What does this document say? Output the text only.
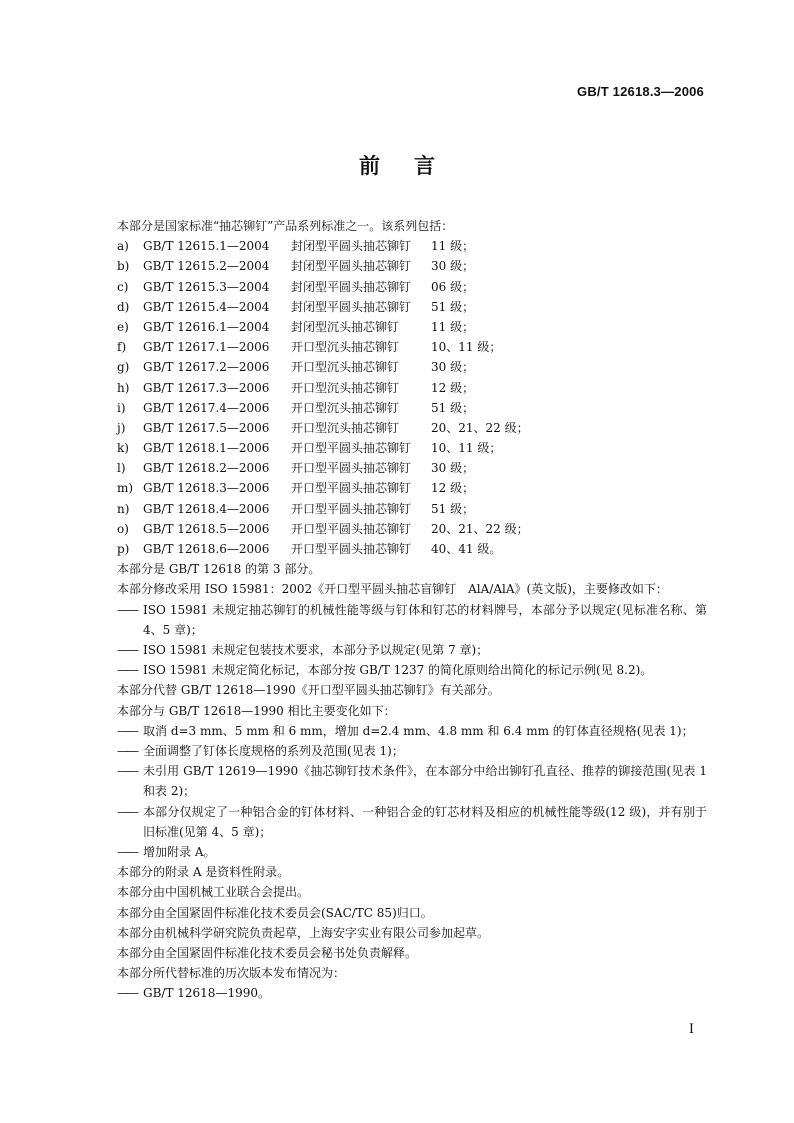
GB/T 12618.3—2006
前言
本部分是国家标准“抽芯铆钉”产品系列标准之一。该系列包括：
a)	GB/T 12615.1—2004	封闭型平圆头抽芯铆钉	11 级；
b)	GB/T 12615.2—2004	封闭型平圆头抽芯铆钉	30 级；
c)	GB/T 12615.3—2004	封闭型平圆头抽芯铆钉	06 级；
d)	GB/T 12615.4—2004	封闭型平圆头抽芯铆钉	51 级；
e)	GB/T 12616.1—2004	封闭型沉头抽芯铆钉	11 级；
f)	GB/T 12617.1—2006	开口型沉头抽芯铆钉	10、11 级；
g)	GB/T 12617.2—2006	开口型沉头抽芯铆钉	30 级；
h)	GB/T 12617.3—2006	开口型沉头抽芯铆钉	12 级；
i)	GB/T 12617.4—2006	开口型沉头抽芯铆钉	51 级；
j)	GB/T 12617.5—2006	开口型沉头抽芯铆钉	20、21、22 级；
k)	GB/T 12618.1—2006	开口型平圆头抽芯铆钉	10、11 级；
l)	GB/T 12618.2—2006	开口型平圆头抽芯铆钉	30 级；
m) GB/T 12618.3—2006	开口型平圆头抽芯铆钉	12 级；
n)	GB/T 12618.4—2006	开口型平圆头抽芯铆钉	51 级；
o)	GB/T 12618.5—2006	开口型平圆头抽芯铆钉	20、21、22 级；
p)	GB/T 12618.6—2006	开口型平圆头抽芯铆钉	40、41 级。
本部分是 GB/T 12618 的第 3 部分。
本部分修改采用 ISO 15981：2002《开口型平圆头抽芯盲铆钉　AlA/AlA》(英文版)，主要修改如下：
—— ISO 15981 未规定抽芯铆钉的机械性能等级与钉体和钉芯的材料牌号，本部分予以规定(见标准名称、第 4、5 章)；
—— ISO 15981 未规定包装技术要求，本部分予以规定(见第 7 章)；
—— ISO 15981 未规定简化标记，本部分按 GB/T 1237 的简化原则给出简化的标记示例(见 8.2)。
本部分代替 GB/T 12618—1990《开口型平圆头抽芯铆钉》有关部分。
本部分与 GB/T 12618—1990 相比主要变化如下：
—— 取消 d=3 mm、5 mm 和 6 mm，增加 d=2.4 mm、4.8 mm 和 6.4 mm 的钉体直径规格(见表 1)；
—— 全面调整了钉体长度规格的系列及范围(见表 1)；
—— 未引用 GB/T 12619—1990《抽芯铆钉技术条件》，在本部分中给出铆钉孔直径、推荐的铆接范围(见表 1 和表 2)；
—— 本部分仅规定了一种铝合金的钉体材料、一种铝合金的钉芯材料及相应的机械性能等级(12 级)，并有别于旧标准(见第 4、5 章)；
—— 增加附录 A。
本部分的附录 A 是资料性附录。
本部分由中国机械工业联合会提出。
本部分由全国紧固件标准化技术委员会(SAC/TC 85)归口。
本部分由机械科学研究院负责起草，上海安字实业有限公司参加起草。
本部分由全国紧固件标准化技术委员会秘书处负责解释。
本部分所代替标准的历次版本发布情况为：
—— GB/T 12618—1990。
I
